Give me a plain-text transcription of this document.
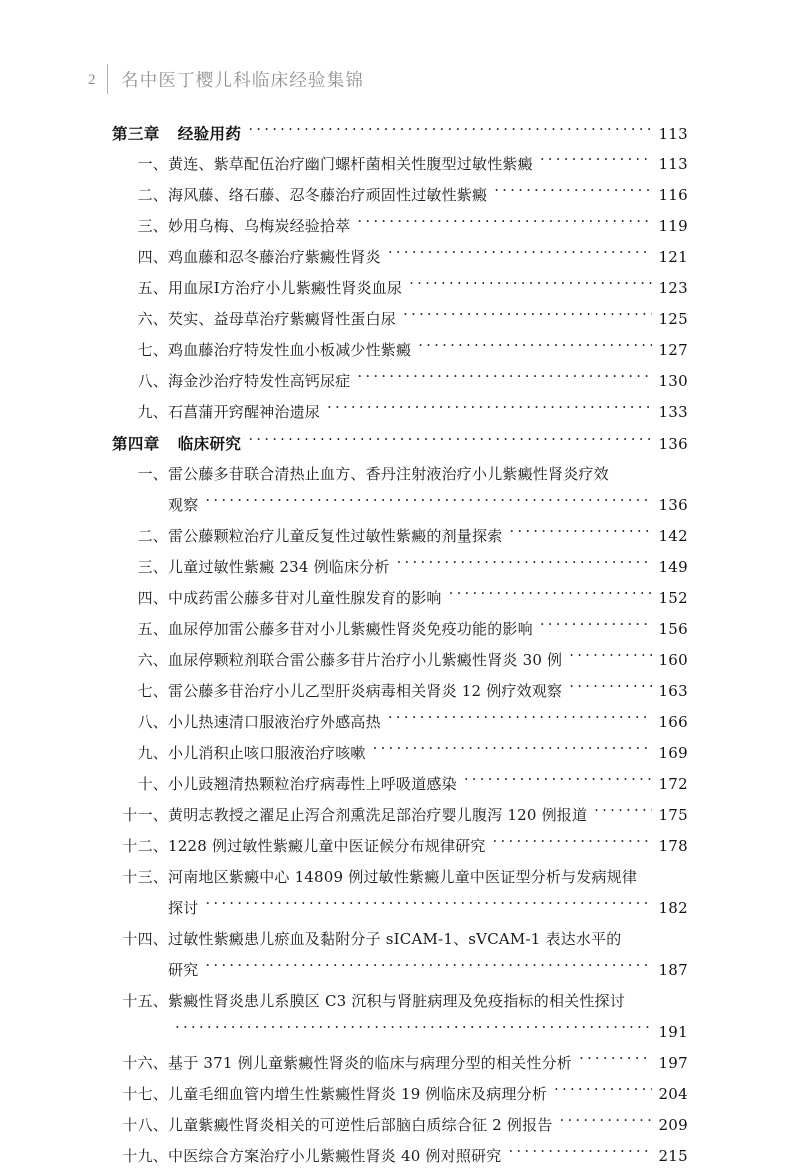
2	名中医丁樱儿科临床经验集锦
第三章	经验用药 ·····	113
一、 黄连、紫草配伍治疗幽门螺杆菌相关性腹型过敏性紫癜 ·····	113
二、 海风藤、络石藤、忍冬藤治疗顽固性过敏性紫癜 ·····	116
三、 妙用乌梅、乌梅炭经验拾萃 ·····	119
四、 鸡血藤和忍冬藤治疗紫癜性肾炎 ·····	121
五、 用血尿Ⅰ方治疗小儿紫癜性肾炎血尿 ·····	123
六、 芡实、益母草治疗紫癜肾性蛋白尿 ·····	125
七、 鸡血藤治疗特发性血小板减少性紫癜 ·····	127
八、 海金沙治疗特发性高钙尿症 ·····	130
九、 石菖蒲开窍醒神治遗尿 ·····	133
第四章	临床研究 ·····	136
一、 雷公藤多苷联合清热止血方、香丹注射液治疗小儿紫癜性肾炎疗效
观察 ·····	136
二、 雷公藤颗粒治疗儿童反复性过敏性紫癜的剂量探索 ·····	142
三、 儿童过敏性紫癜 234 例临床分析 ·····	149
四、 中成药雷公藤多苷对儿童性腺发育的影响 ·····	152
五、 血尿停加雷公藤多苷对小儿紫癜性肾炎免疫功能的影响 ·····	156
六、 血尿停颗粒剂联合雷公藤多苷片治疗小儿紫癜性肾炎 30 例 ·····	160
七、 雷公藤多苷治疗小儿乙型肝炎病毒相关肾炎 12 例疗效观察 ·····	163
八、 小儿热速清口服液治疗外感高热 ·····	166
九、 小儿消积止咳口服液治疗咳嗽 ·····	169
十、 小儿豉翘清热颗粒治疗病毒性上呼吸道感染 ·····	172
十一、 黄明志教授之濯足止泻合剂熏洗足部治疗婴儿腹泻 120 例报道 ·····	175
十二、 1228 例过敏性紫癜儿童中医证候分布规律研究 ·····	178
十三、 河南地区紫癜中心 14809 例过敏性紫癜儿童中医证型分析与发病规律
探讨 ·····	182
十四、 过敏性紫癜患儿瘀血及黏附分子 sICAM‑1、sVCAM‑1 表达水平的
研究 ·····	187
十五、 紫癜性肾炎患儿系膜区 C3 沉积与肾脏病理及免疫指标的相关性探讨
·····
191
十六、 基于 371 例儿童紫癜性肾炎的临床与病理分型的相关性分析 ·····	197
十七、 儿童毛细血管内增生性紫癜性肾炎 19 例临床及病理分析 ·····	204
十八、 儿童紫癜性肾炎相关的可逆性后部脑白质综合征 2 例报告 ·····	209
十九、 中医综合方案治疗小儿紫癜性肾炎 40 例对照研究 ·····	215
